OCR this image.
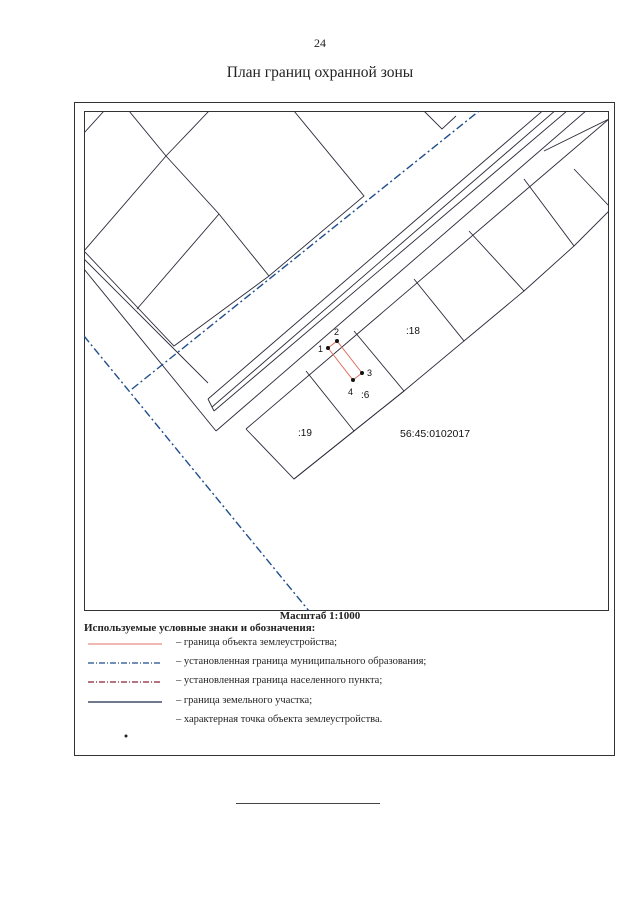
24
План границ охранной зоны
1
2
3
4
:18
:6
:19	56:45:0102017
Масштаб 1:1000
Используемые условные знаки и обозначения:
– граница объекта землеустройства;
– установленная граница муниципального образования;
– установленная граница населенного пункта;
– граница земельного участка;
– характерная точка объекта землеустройства.
